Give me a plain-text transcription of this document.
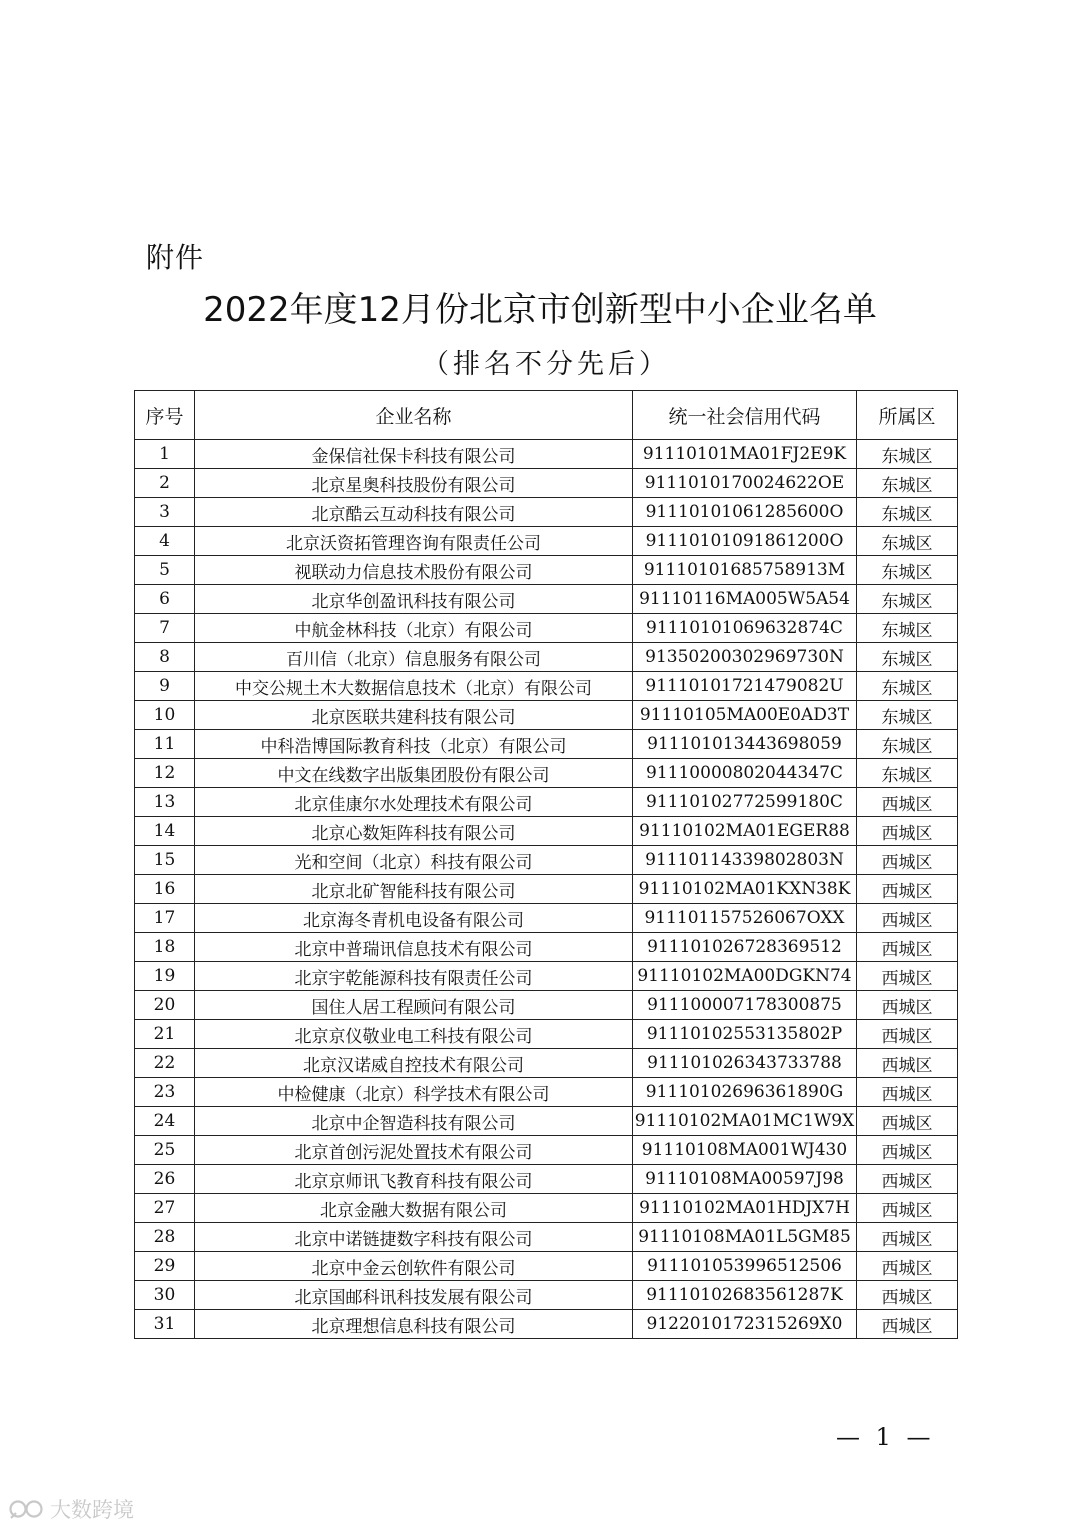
附件
2022年度12月份北京市创新型中小企业名单
（排名不分先后）
序号	企业名称	统一社会信用代码	所属区
1	金保信社保卡科技有限公司	91110101MA01FJ2E9K	东城区
2	北京星奥科技股份有限公司	9111010170024622OE	东城区
3	北京酷云互动科技有限公司	91110101061285600O	东城区
4	北京沃资拓管理咨询有限责任公司	91110101091861200O	东城区
5	视联动力信息技术股份有限公司	91110101685758913M	东城区
6	北京华创盈讯科技有限公司	91110116MA005W5A54	东城区
7	中航金林科技（北京）有限公司	91110101069632874C	东城区
8	百川信（北京）信息服务有限公司	91350200302969730N	东城区
9	中交公规土木大数据信息技术（北京）有限公司	91110101721479082U	东城区
10	北京医联共建科技有限公司	91110105MA00E0AD3T	东城区
11	中科浩博国际教育科技（北京）有限公司	911101013443698059	东城区
12	中文在线数字出版集团股份有限公司	91110000802044347C	东城区
13	北京佳康尔水处理技术有限公司	91110102772599180C	西城区
14	北京心数矩阵科技有限公司	91110102MA01EGER88	西城区
15	光和空间（北京）科技有限公司	91110114339802803N	西城区
16	北京北矿智能科技有限公司	91110102MA01KXN38K	西城区
17	北京海冬青机电设备有限公司	911101157526067OXX	西城区
18	北京中普瑞讯信息技术有限公司	911101026728369512	西城区
19	北京宇乾能源科技有限责任公司	91110102MA00DGKN74	西城区
20	国住人居工程顾问有限公司	911100007178300875	西城区
21	北京京仪敬业电工科技有限公司	91110102553135802P	西城区
22	北京汉诺威自控技术有限公司	911101026343733788	西城区
23	中检健康（北京）科学技术有限公司	91110102696361890G	西城区
24	北京中企智造科技有限公司	91110102MA01MC1W9X	西城区
25	北京首创污泥处置技术有限公司	91110108MA001WJ430	西城区
26	北京京师讯飞教育科技有限公司	91110108MA00597J98	西城区
27	北京金融大数据有限公司	91110102MA01HDJX7H	西城区
28	北京中诺链捷数字科技有限公司	91110108MA01L5GM85	西城区
29	北京中金云创软件有限公司	911101053996512506	西城区
30	北京国邮科讯科技发展有限公司	91110102683561287K	西城区
31	北京理想信息科技有限公司	9122010172315269X0	西城区
— 1 —
大数跨境
